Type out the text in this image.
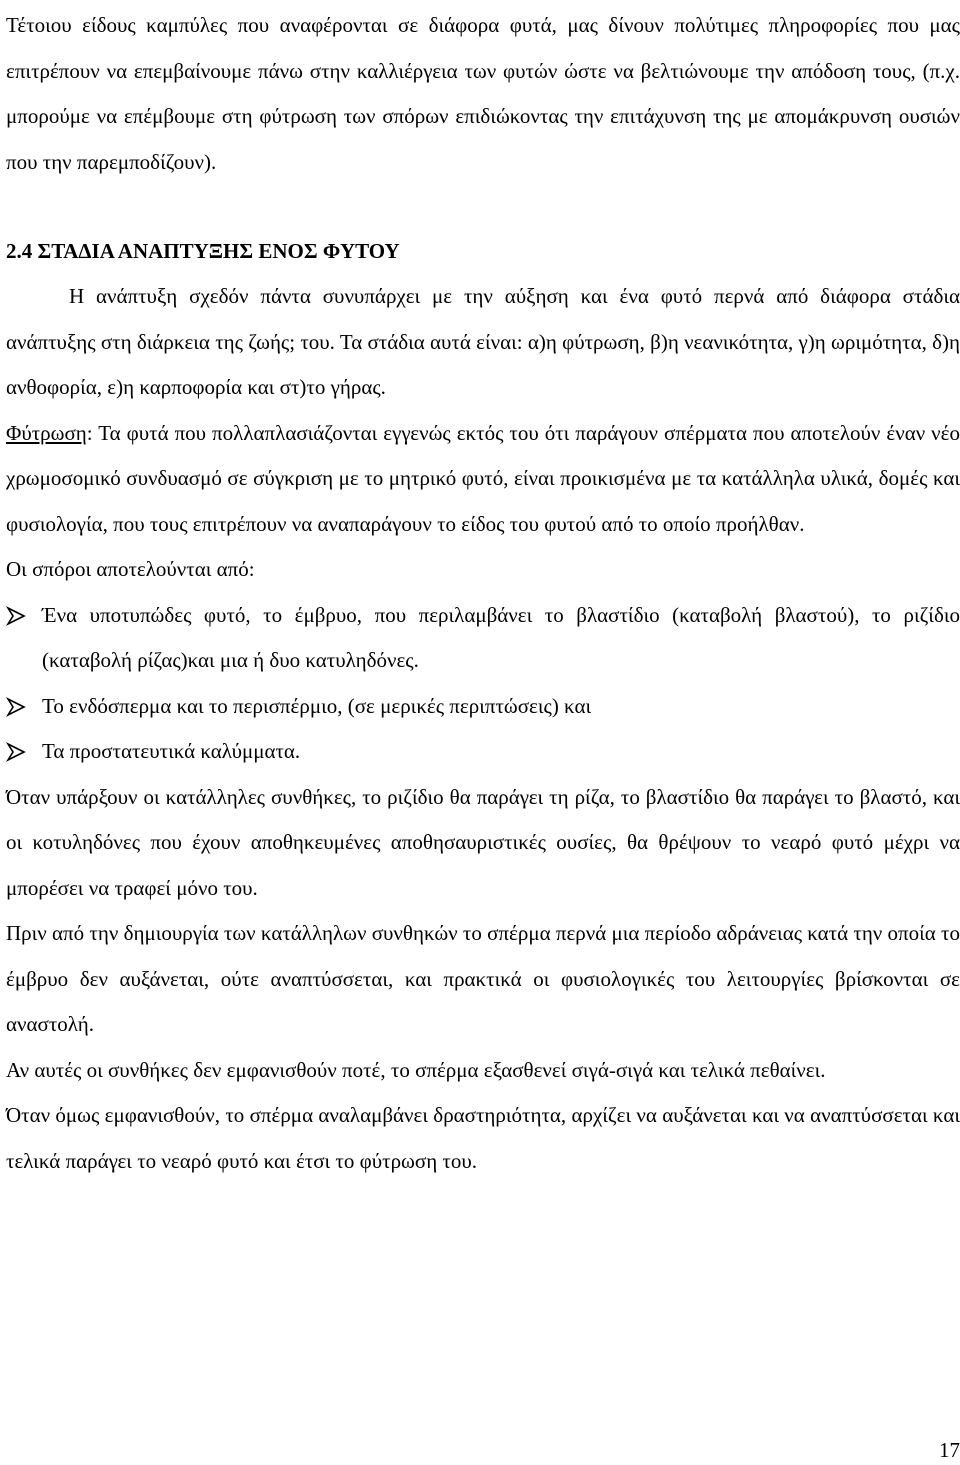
Τέτοιου είδους καμπύλες που αναφέρονται σε διάφορα φυτά, μας δίνουν πολύτιμες πληροφορίες που μας επιτρέπουν να επεμβαίνουμε πάνω στην καλλιέργεια των φυτών ώστε να βελτιώνουμε την απόδοση τους, (π.χ. μπορούμε να επέμβουμε στη φύτρωση των σπόρων επιδιώκοντας την επιτάχυνση της με απομάκρυνση ουσιών που την παρεμποδίζουν).

2.4 ΣΤΑΔΙΑ ΑΝΑΠΤΥΞΗΣ ΕΝΟΣ ΦΥΤΟΥ

Η ανάπτυξη σχεδόν πάντα συνυπάρχει με την αύξηση και ένα φυτό περνά από διάφορα στάδια ανάπτυξης στη διάρκεια της ζωής; του. Τα στάδια αυτά είναι: α)η φύτρωση, β)η νεανικότητα, γ)η ωριμότητα, δ)η ανθοφορία, ε)η καρποφορία και στ)το γήρας.

Φύτρωση: Τα φυτά που πολλαπλασιάζονται εγγενώς εκτός του ότι παράγουν σπέρματα που αποτελούν έναν νέο χρωμοσομικό συνδυασμό σε σύγκριση με το μητρικό φυτό, είναι προικισμένα με τα κατάλληλα υλικά, δομές και φυσιολογία, που τους επιτρέπουν να αναπαράγουν το είδος του φυτού από το οποίο προήλθαν.

Οι σπόροι αποτελούνται από:

Ένα υποτυπώδες φυτό, το έμβρυο, που περιλαμβάνει το βλαστίδιο (καταβολή βλαστού), το ριζίδιο (καταβολή ρίζας)και μια ή δυο κατυληδόνες.
Το ενδόσπερμα και το περισπέρμιο, (σε μερικές περιπτώσεις) και
Τα προστατευτικά καλύμματα.

Όταν υπάρξουν οι κατάλληλες συνθήκες, το ριζίδιο θα παράγει τη ρίζα, το βλαστίδιο θα παράγει το βλαστό, και οι κοτυληδόνες που έχουν αποθηκευμένες αποθησαυριστικές ουσίες, θα θρέψουν το νεαρό φυτό μέχρι να μπορέσει να τραφεί μόνο του.

Πριν από την δημιουργία των κατάλληλων συνθηκών το σπέρμα περνά μια περίοδο αδράνειας κατά την οποία το έμβρυο δεν αυξάνεται, ούτε αναπτύσσεται, και πρακτικά οι φυσιολογικές του λειτουργίες βρίσκονται σε αναστολή.

Αν αυτές οι συνθήκες δεν εμφανισθούν ποτέ, το σπέρμα εξασθενεί σιγά-σιγά και τελικά πεθαίνει.

Όταν όμως εμφανισθούν, το σπέρμα αναλαμβάνει δραστηριότητα, αρχίζει να αυξάνεται και να αναπτύσσεται και τελικά παράγει το νεαρό φυτό και έτσι το φύτρωση του.

17
